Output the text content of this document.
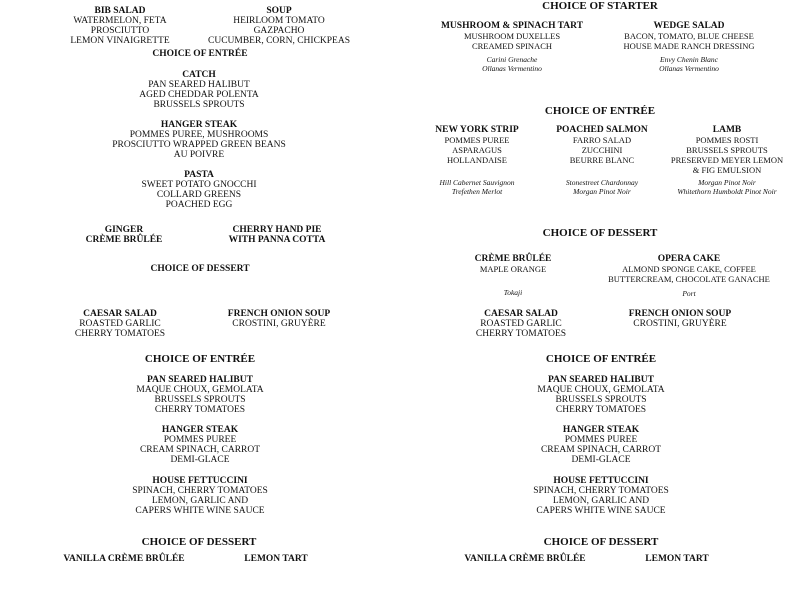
BIB SALAD
WATERMELON, FETA
PROSCIUTTO
LEMON VINAIGRETTE
SOUP
HEIRLOOM TOMATO
GAZPACHO
CUCUMBER, CORN, CHICKPEAS
CHOICE OF ENTRÉE
CATCH
PAN SEARED HALIBUT
AGED CHEDDAR POLENTA
BRUSSELS SPROUTS
HANGER STEAK
POMMES PUREE, MUSHROOMS
PROSCIUTTO WRAPPED GREEN BEANS
AU POIVRE
PASTA
SWEET POTATO GNOCCHI
COLLARD GREENS
POACHED EGG
GINGER
CRÈME BRÛLÉE
CHERRY HAND PIE
WITH PANNA COTTA
CHOICE OF DESSERT
CAESAR SALAD
ROASTED GARLIC
CHERRY TOMATOES
FRENCH ONION SOUP
CROSTINI, GRUYÈRE
CHOICE OF ENTRÉE
PAN SEARED HALIBUT
MAQUE CHOUX, GEMOLATA
BRUSSELS SPROUTS
CHERRY TOMATOES
HANGER STEAK
POMMES PUREE
CREAM SPINACH, CARROT
DEMI-GLACE
HOUSE FETTUCCINI
SPINACH, CHERRY TOMATOES
LEMON, GARLIC AND
CAPERS WHITE WINE SAUCE
CHOICE OF DESSERT
VANILLA CRÈME BRÛLÉE	LEMON TART
CHOICE OF STARTER
MUSHROOM & SPINACH TART
MUSHROOM DUXELLES
CREAMED SPINACH
Carini Grenache
Ollanas Vermentino
WEDGE SALAD
BACON, TOMATO, BLUE CHEESE
HOUSE MADE RANCH DRESSING
Envy Chenin Blanc
Ollanas Vermentino
CHOICE OF ENTRÉE
NEW YORK STRIP
POMMES PUREE
ASPARAGUS
HOLLANDAISE
Hill Cabernet Sauvignon
Trefethen Merlot
POACHED SALMON
FARRO SALAD
ZUCCHINI
BEURRE BLANC
Stonestreet Chardonnay
Morgan Pinot Noir
LAMB
POMMES ROSTI
BRUSSELS SPROUTS
PRESERVED MEYER LEMON
& FIG EMULSION
Morgan Pinot Noir
Whitethorn Humboldt Pinot Noir
CHOICE OF DESSERT
CRÈME BRÛLÉE
MAPLE ORANGE
Tokaji
OPERA CAKE
ALMOND SPONGE CAKE, COFFEE
BUTTERCREAM, CHOCOLATE GANACHE
Port
CAESAR SALAD
ROASTED GARLIC
CHERRY TOMATOES
FRENCH ONION SOUP
CROSTINI, GRUYÈRE
CHOICE OF ENTRÉE
PAN SEARED HALIBUT
MAQUE CHOUX, GEMOLATA
BRUSSELS SPROUTS
CHERRY TOMATOES
HANGER STEAK
POMMES PUREE
CREAM SPINACH, CARROT
DEMI-GLACE
HOUSE FETTUCCINI
SPINACH, CHERRY TOMATOES
LEMON, GARLIC AND
CAPERS WHITE WINE SAUCE
CHOICE OF DESSERT
VANILLA CRÈME BRÛLÉE	LEMON TART
